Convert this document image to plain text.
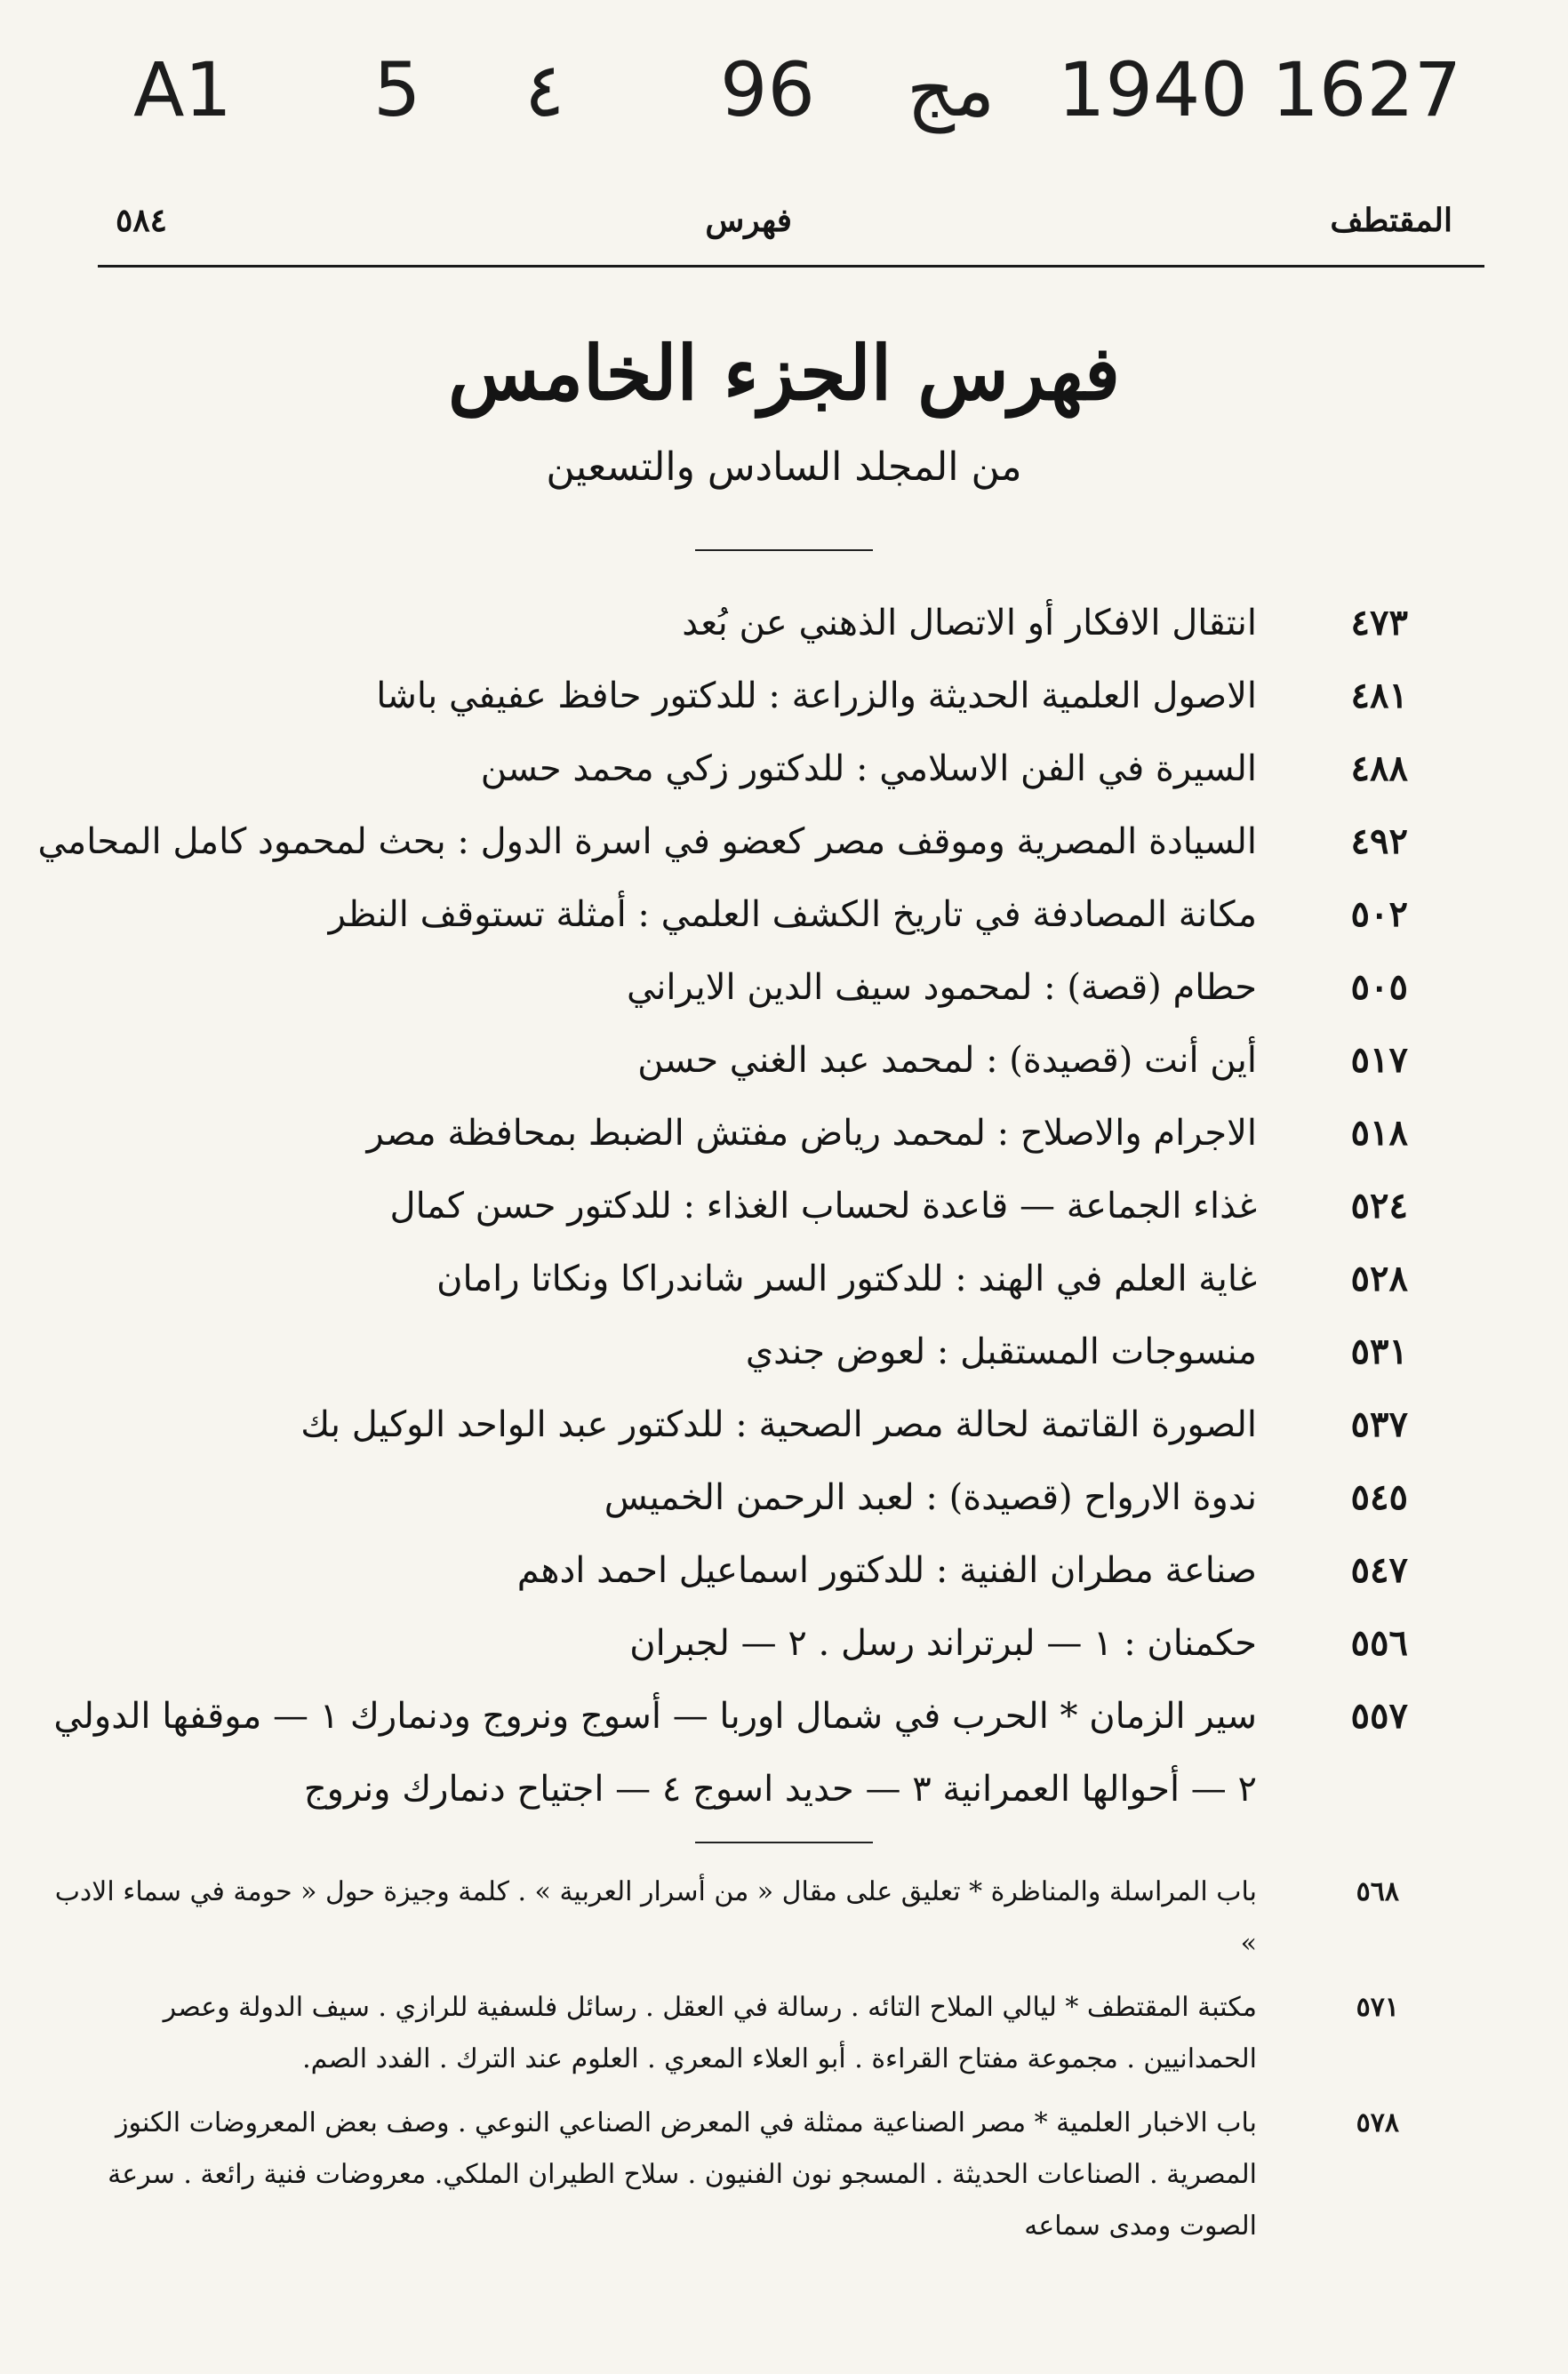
A1 5 ٤ 96 مج 1940 1627
٥٨٤	فهرس	المقتطف
فهرس الجزء الخامس
من المجلد السادس والتسعين
٤٧٣
انتقال الافكار أو الاتصال الذهني عن بُعد
٤٨١
الاصول العلمية الحديثة والزراعة : للدكتور حافظ عفيفي باشا
٤٨٨
السيرة في الفن الاسلامي : للدكتور زكي محمد حسن
٤٩٢
السيادة المصرية وموقف مصر كعضو في اسرة الدول : بحث لمحمود كامل المحامي
٥٠٢
مكانة المصادفة في تاريخ الكشف العلمي : أمثلة تستوقف النظر
٥٠٥
حطام (قصة) : لمحمود سيف الدين الايراني
٥١٧
أين أنت (قصيدة) : لمحمد عبد الغني حسن
٥١٨
الاجرام والاصلاح : لمحمد رياض مفتش الضبط بمحافظة مصر
٥٢٤
غذاء الجماعة — قاعدة لحساب الغذاء : للدكتور حسن كمال
٥٢٨
غاية العلم في الهند : للدكتور السر شاندراكا ونكاتا رامان
٥٣١
منسوجات المستقبل : لعوض جندي
٥٣٧
الصورة القاتمة لحالة مصر الصحية : للدكتور عبد الواحد الوكيل بك
٥٤٥
ندوة الارواح (قصيدة) : لعبد الرحمن الخميس
٥٤٧
صناعة مطران الفنية : للدكتور اسماعيل احمد ادهم
٥٥٦
حكمنان : ١ — لبرتراند رسل . ٢ — لجبران
٥٥٧
سير الزمان * الحرب في شمال اوربا — أسوج ونروج ودنمارك ١ — موقفها الدولي ٢ — أحوالها العمرانية ٣ — حديد اسوج ٤ — اجتياح دنمارك ونروج
٥٦٨
باب المراسلة والمناظرة * تعليق على مقال « من أسرار العربية » . كلمة وجيزة حول « حومة في سماء الادب »
٥٧١
مكتبة المقتطف * ليالي الملاح التائه . رسالة في العقل . رسائل فلسفية للرازي . سيف الدولة وعصر الحمدانيين . مجموعة مفتاح القراءة . أبو العلاء المعري . العلوم عند الترك . الفدد الصم.
٥٧٨
باب الاخبار العلمية * مصر الصناعية ممثلة في المعرض الصناعي النوعي . وصف بعض المعروضات الكنوز المصرية . الصناعات الحديثة . المسجو نون الفنيون . سلاح الطيران الملكي. معروضات فنية رائعة . سرعة الصوت ومدى سماعه
